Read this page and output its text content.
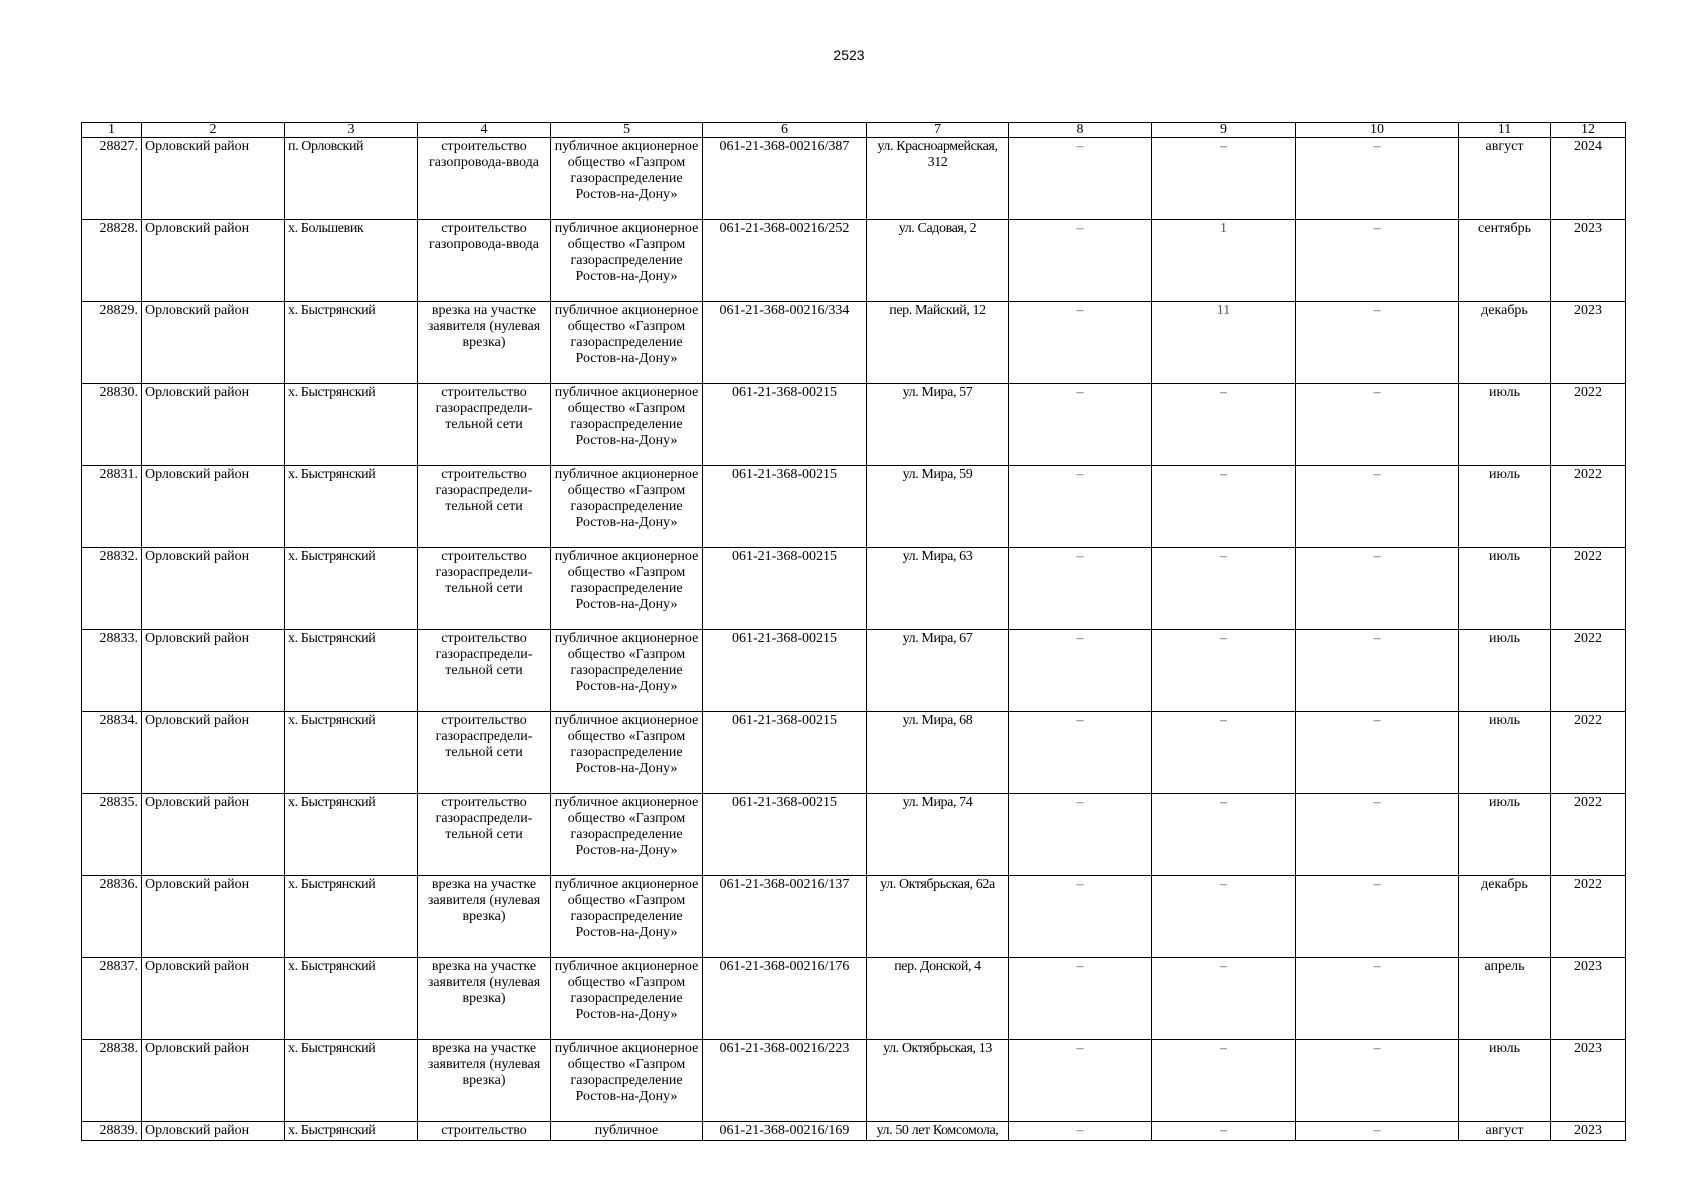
2523
1	2	3	4	5	6	7	8	9	10	11	12
28827.	Орловский район	п. Орловский	строительство газопровода-ввода	публичное акционерное общество «Газпром газораспределение Ростов-на-Дону»	061-21-368-00216/387	ул. Красноармейская, 312	–	–	–	август	2024
28828.	Орловский район	х. Большевик	строительство газопровода-ввода	публичное акционерное общество «Газпром газораспределение Ростов-на-Дону»	061-21-368-00216/252	ул. Садовая, 2	–	1	–	сентябрь	2023
28829.	Орловский район	х. Быстрянский	врезка на участке заявителя (нулевая врезка)	публичное акционерное общество «Газпром газораспределение Ростов-на-Дону»	061-21-368-00216/334	пер. Майский, 12	–	11	–	декабрь	2023
28830.	Орловский район	х. Быстрянский	строительство газораспредели-тельной сети	публичное акционерное общество «Газпром газораспределение Ростов-на-Дону»	061-21-368-00215	ул. Мира, 57	–	–	–	июль	2022
28831.	Орловский район	х. Быстрянский	строительство газораспредели-тельной сети	публичное акционерное общество «Газпром газораспределение Ростов-на-Дону»	061-21-368-00215	ул. Мира, 59	–	–	–	июль	2022
28832.	Орловский район	х. Быстрянский	строительство газораспредели-тельной сети	публичное акционерное общество «Газпром газораспределение Ростов-на-Дону»	061-21-368-00215	ул. Мира, 63	–	–	–	июль	2022
28833.	Орловский район	х. Быстрянский	строительство газораспредели-тельной сети	публичное акционерное общество «Газпром газораспределение Ростов-на-Дону»	061-21-368-00215	ул. Мира, 67	–	–	–	июль	2022
28834.	Орловский район	х. Быстрянский	строительство газораспредели-тельной сети	публичное акционерное общество «Газпром газораспределение Ростов-на-Дону»	061-21-368-00215	ул. Мира, 68	–	–	–	июль	2022
28835.	Орловский район	х. Быстрянский	строительство газораспредели-тельной сети	публичное акционерное общество «Газпром газораспределение Ростов-на-Дону»	061-21-368-00215	ул. Мира, 74	–	–	–	июль	2022
28836.	Орловский район	х. Быстрянский	врезка на участке заявителя (нулевая врезка)	публичное акционерное общество «Газпром газораспределение Ростов-на-Дону»	061-21-368-00216/137	ул. Октябрьская, 62а	–	–	–	декабрь	2022
28837.	Орловский район	х. Быстрянский	врезка на участке заявителя (нулевая врезка)	публичное акционерное общество «Газпром газораспределение Ростов-на-Дону»	061-21-368-00216/176	пер. Донской, 4	–	–	–	апрель	2023
28838.	Орловский район	х. Быстрянский	врезка на участке заявителя (нулевая врезка)	публичное акционерное общество «Газпром газораспределение Ростов-на-Дону»	061-21-368-00216/223	ул. Октябрьская, 13	–	–	–	июль	2023
28839.	Орловский район	х. Быстрянский	строительство	публичное	061-21-368-00216/169	ул. 50 лет Комсомола,	–	–	–	август	2023
